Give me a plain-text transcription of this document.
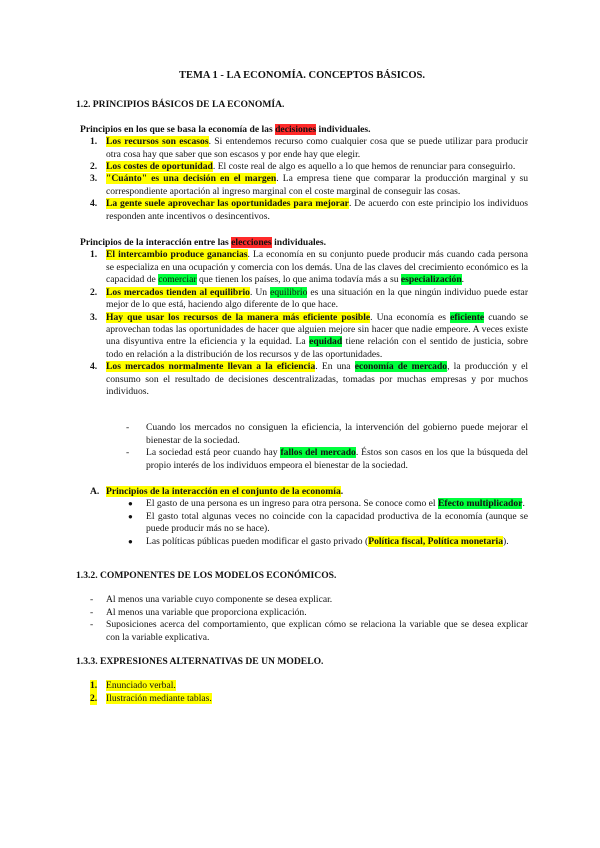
TEMA 1 - LA ECONOMÍA. CONCEPTOS BÁSICOS.
1.2. PRINCIPIOS BÁSICOS DE LA ECONOMÍA.
Principios en los que se basa la economía de las decisiones individuales.
1. Los recursos son escasos. Si entendemos recurso como cualquier cosa que se puede utilizar para producir otra cosa hay que saber que son escasos y por ende hay que elegir.
2. Los costes de oportunidad. El coste real de algo es aquello a lo que hemos de renunciar para conseguirlo.
3. "Cuánto" es una decisión en el margen. La empresa tiene que comparar la producción marginal y su correspondiente aportación al ingreso marginal con el coste marginal de conseguir las cosas.
4. La gente suele aprovechar las oportunidades para mejorar. De acuerdo con este principio los individuos responden ante incentivos o desincentivos.
Principios de la interacción entre las elecciones individuales.
1. El intercambio produce ganancias. La economía en su conjunto puede producir más cuando cada persona se especializa en una ocupación y comercia con los demás. Una de las claves del crecimiento económico es la capacidad de comerciar que tienen los países, lo que anima todavía más a su especialización.
2. Los mercados tienden al equilibrio. Un equilibrio es una situación en la que ningún individuo puede estar mejor de lo que está, haciendo algo diferente de lo que hace.
3. Hay que usar los recursos de la manera más eficiente posible. Una economía es eficiente cuando se aprovechan todas las oportunidades de hacer que alguien mejore sin hacer que nadie empeore. A veces existe una disyuntiva entre la eficiencia y la equidad. La equidad tiene relación con el sentido de justicia, sobre todo en relación a la distribución de los recursos y de las oportunidades.
4. Los mercados normalmente llevan a la eficiencia. En una economía de mercado, la producción y el consumo son el resultado de decisiones descentralizadas, tomadas por muchas empresas y por muchos individuos.
- Cuando los mercados no consiguen la eficiencia, la intervención del gobierno puede mejorar el bienestar de la sociedad.
- La sociedad está peor cuando hay fallos del mercado. Éstos son casos en los que la búsqueda del propio interés de los individuos empeora el bienestar de la sociedad.
A. Principios de la interacción en el conjunto de la economía.
● El gasto de una persona es un ingreso para otra persona. Se conoce como el Efecto multiplicador.
● El gasto total algunas veces no coincide con la capacidad productiva de la economía (aunque se puede producir más no se hace).
● Las políticas públicas pueden modificar el gasto privado (Política fiscal, Política monetaria).
1.3.2. COMPONENTES DE LOS MODELOS ECONÓMICOS.
- Al menos una variable cuyo componente se desea explicar.
- Al menos una variable que proporciona explicación.
- Suposiciones acerca del comportamiento, que explican cómo se relaciona la variable que se desea explicar con la variable explicativa.
1.3.3. EXPRESIONES ALTERNATIVAS DE UN MODELO.
1. Enunciado verbal.
2. Ilustración mediante tablas.
